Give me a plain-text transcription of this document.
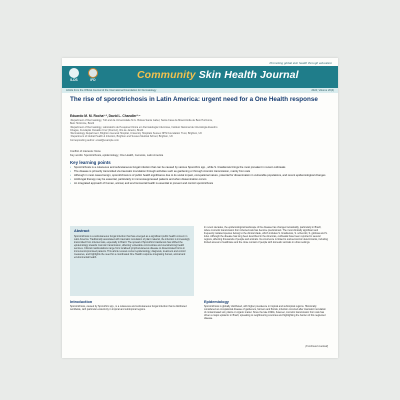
Promoting global skin health through education
ILDS	IFD	Community Skin Health Journal
Article from the Official Journal of the International Foundation for Dermatology	2024; Volume 20(4)
The rise of sporotrichosis in Latin America: urgent need for a One Health response
Eduardo M. M. Rocha¹·², David L. Chandler³·⁴
¹Department of Dermatology, Tuft and da Universidade M.G. Bolsas Santa Isabel, Santa Casa da Misericórdia de Belo Horizonte,
Belo Horizonte, Brazil
²Department of Dermatology, Laboratório de Pesquisa Clínica em Dermatologia Infecciosa, Instituto Nacional de Infectologia Evandro
Chagas, Fundação Oswaldo Cruz (Fiocruz), Rio de Janeiro, Brazil
³Dermatology Department, Brighton General Hospital, University Hospitals Sussex NHS Foundation Trust, Brighton, UK
⁴Department of Global Health & Infection, Brighton and Sussex Medical School, Brighton, UK
Corresponding author: email@example.com
Conflict of interests: None
Key words: Sporotrichosis, epidemiology, One Health, zoonosis, Latin America
Key learning points
• Sporotrichosis is a cutaneous and subcutaneous fungal infection that can be caused by various Sporothrix spp., while S. brasiliensis brings the most prevalent in recent outbreaks
• The disease is primarily transmitted via traumatic inoculation through activities such as gardening or through zoonotic transmission, mainly from cats
• Although in most cases benign, sporotrichosis is of public health significance due to its social impact, occupational nature, potential for dissemination in vulnerable populations, and recent epidemiological changes
• Antifungal therapy may be essential, particularly in immunosuppressed patients and when dissemination occurs
• An integrated approach of human, animal, and environmental health is essential to prevent and control sporotrichosis
Abstract
Sporotrichosis is a subcutaneous fungal infection that has emerged as a significant public health concern in Latin America. Traditionally associated with traumatic inoculation of plant material, the infection is increasingly transmitted from infected cats, especially in Brazil. The spread of Sporothrix brasiliensis has shifted the epidemiology towards zoonotic transmission, affecting vulnerable communities and overwhelming health services. Clinical manifestations range from localised lymphocutaneous disease to disseminated forms in immunocompromised patients. This article reviews current epidemiology, diagnosis, treatment and control measures, and highlights the need for a coordinated One Health response integrating human, animal and environmental health.
Introduction
Sporotrichosis, caused by Sporothrix spp., is a cutaneous and subcutaneous fungal infection that is distributed worldwide, with particular endemicity in tropical and subtropical regions.
In recent decades, the epidemiological landscape of the disease has changed remarkably, particularly in Brazil, where zoonotic transmission from infected cats has become predominant. The most clinically significant and frequently isolated species belong to the clinical clade, which includes S. brasiliensis, S. schenckii, S. globosa and S. luriei. Although the disease has long been described in the Americas, outbreaks have been reported in several regions, affecting thousands of people and animals. Its occurrence is linked to socioeconomic determinants, including limited access to healthcare and the close contact of people with domestic animals in urban settings.
Epidemiology
Sporotrichosis is globally distributed, with higher prevalence in tropical and subtropical regions. Historically considered an occupational disease of gardeners, farmers and florists, infection occurred after traumatic inoculation of contaminated soil, plants or organic matter. Since the late 1990s, however, zoonotic transmission from cats has driven a major epidemic in Brazil, spreading to neighbouring countries and highlighting the burden of this neglected disease.
(Continued overleaf)
